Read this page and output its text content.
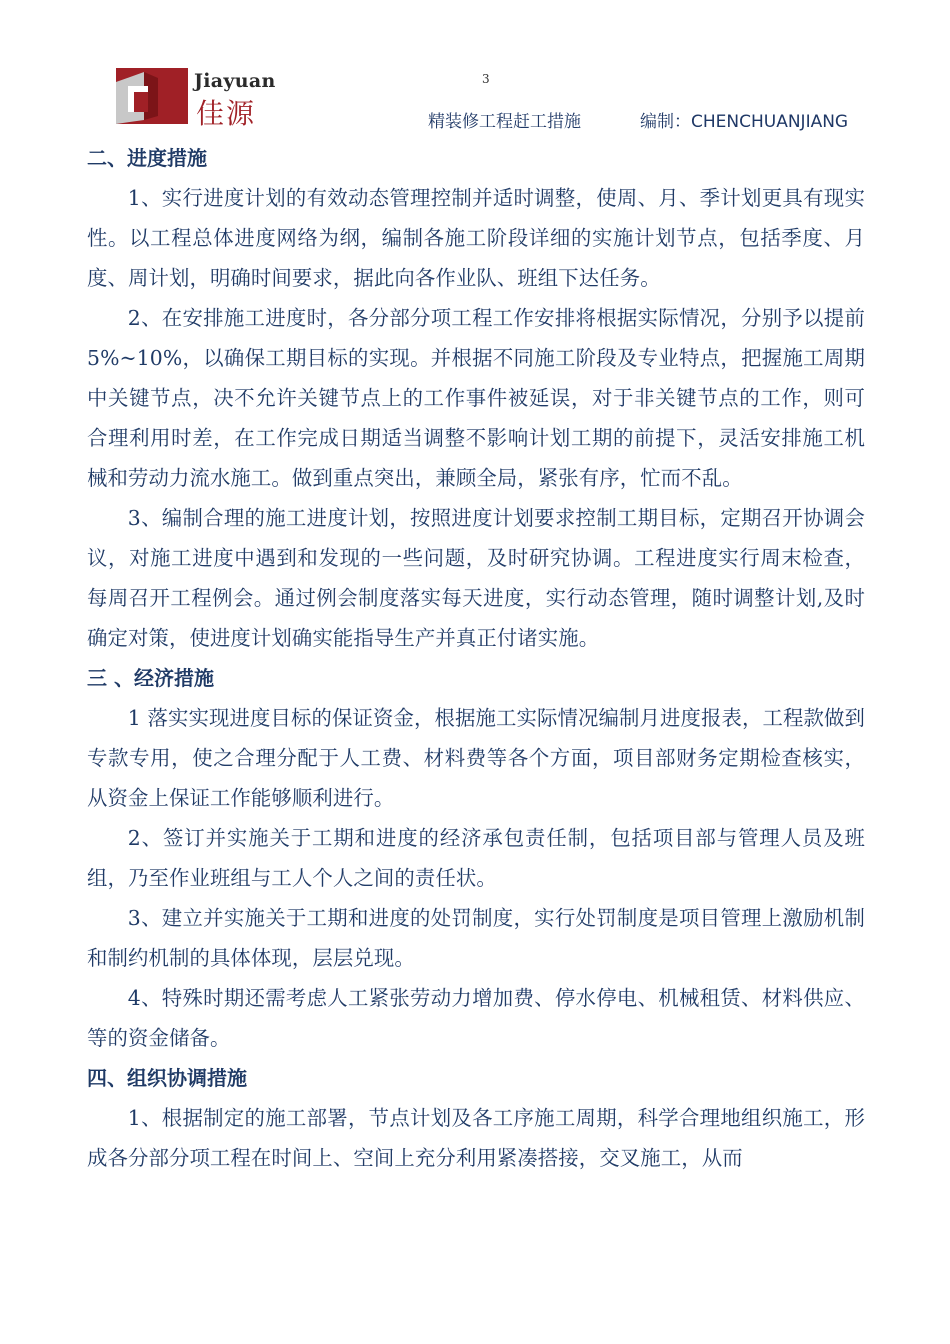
Jiayuan
佳源
3
精装修工程赶工措施	编制：CHENCHUANJIANG
二、进度措施

1、实行进度计划的有效动态管理控制并适时调整，使周、月、季计划更具有现实性。以工程总体进度网络为纲，编制各施工阶段详细的实施计划节点，包括季度、月度、周计划，明确时间要求，据此向各作业队、班组下达任务。

2、在安排施工进度时，各分部分项工程工作安排将根据实际情况，分别予以提前 5%~10%，以确保工期目标的实现。并根据不同施工阶段及专业特点，把握施工周期中关键节点，决不允许关键节点上的工作事件被延误，对于非关键节点的工作，则可合理利用时差，在工作完成日期适当调整不影响计划工期的前提下，灵活安排施工机械和劳动力流水施工。做到重点突出，兼顾全局，紧张有序，忙而不乱。

3、编制合理的施工进度计划，按照进度计划要求控制工期目标，定期召开协调会议，对施工进度中遇到和发现的一些问题，及时研究协调。工程进度实行周末检查，每周召开工程例会。通过例会制度落实每天进度，实行动态管理，随时调整计划,及时确定对策，使进度计划确实能指导生产并真正付诸实施。

三 、经济措施

1 落实实现进度目标的保证资金，根据施工实际情况编制月进度报表，工程款做到专款专用，使之合理分配于人工费、材料费等各个方面，项目部财务定期检查核实，从资金上保证工作能够顺利进行。

2、签订并实施关于工期和进度的经济承包责任制，包括项目部与管理人员及班组，乃至作业班组与工人个人之间的责任状。

3、建立并实施关于工期和进度的处罚制度，实行处罚制度是项目管理上激励机制和制约机制的具体体现，层层兑现。

4、特殊时期还需考虑人工紧张劳动力增加费、停水停电、机械租赁、材料供应、等的资金储备。

四、组织协调措施

1、根据制定的施工部署，节点计划及各工序施工周期，科学合理地组织施工，形成各分部分项工程在时间上、空间上充分利用紧凑搭接，交叉施工，从而
